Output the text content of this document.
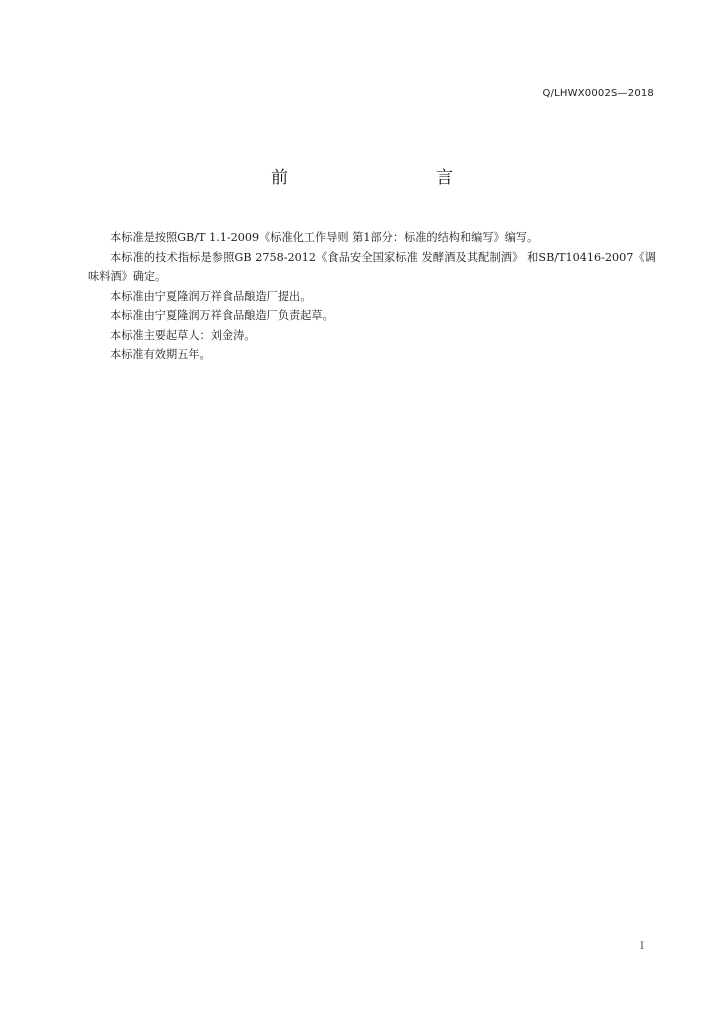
Q/LHWX0002S—2018
前　　言

本标准是按照GB/T 1.1-2009《标准化工作导则 第1部分：标准的结构和编写》编写。

本标准的技术指标是参照GB 2758-2012《食品安全国家标准 发酵酒及其配制酒》 和SB/T10416-2007《调味料酒》确定。

本标准由宁夏隆润万祥食品酿造厂提出。

本标准由宁夏隆润万祥食品酿造厂负责起草。

本标准主要起草人：刘金涛。

本标准有效期五年。

I
